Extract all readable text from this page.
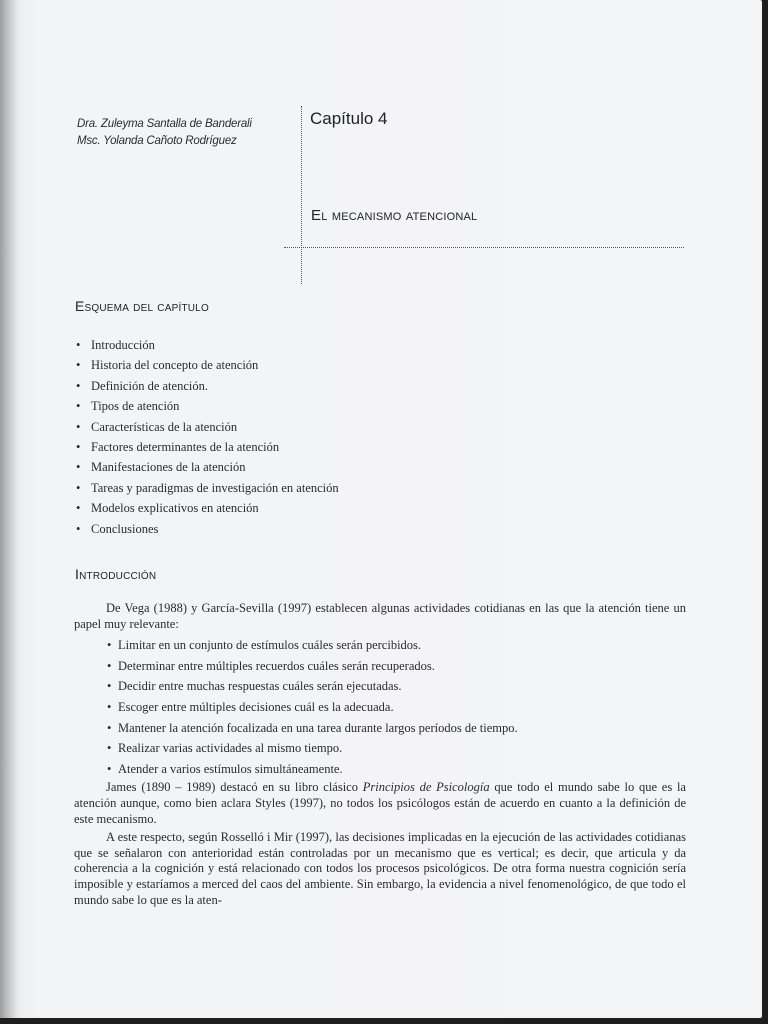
Dra. Zuleyma Santalla de Banderali
Msc. Yolanda Cañoto Rodríguez
Capítulo 4
El mecanismo atencional
Esquema del capítulo
• Introducción
• Historia del concepto de atención
• Definición de atención.
• Tipos de atención
• Características de la atención
• Factores determinantes de la atención
• Manifestaciones de la atención
• Tareas y paradigmas de investigación en atención
• Modelos explicativos en atención
• Conclusiones
Introducción

De Vega (1988) y García-Sevilla (1997) establecen algunas actividades cotidianas en las que la atención tiene un papel muy relevante:

• Limitar en un conjunto de estímulos cuáles serán percibidos.
• Determinar entre múltiples recuerdos cuáles serán recuperados.
• Decidir entre muchas respuestas cuáles serán ejecutadas.
• Escoger entre múltiples decisiones cuál es la adecuada.
• Mantener la atención focalizada en una tarea durante largos períodos de tiempo.
• Realizar varias actividades al mismo tiempo.
• Atender a varios estímulos simultáneamente.

James (1890 – 1989) destacó en su libro clásico Principios de Psicología que todo el mundo sabe lo que es la atención aunque, como bien aclara Styles (1997), no todos los psicólogos están de acuerdo en cuanto a la definición de este mecanismo.

A este respecto, según Rosselló i Mir (1997), las decisiones implicadas en la ejecución de las actividades cotidianas que se señalaron con anterioridad están controladas por un mecanismo que es vertical; es decir, que articula y da coherencia a la cognición y está relacionado con todos los procesos psicológicos. De otra forma nuestra cognición sería imposible y estaríamos a merced del caos del ambiente. Sin embargo, la evidencia a nivel fenomenológico, de que todo el mundo sabe lo que es la aten-
